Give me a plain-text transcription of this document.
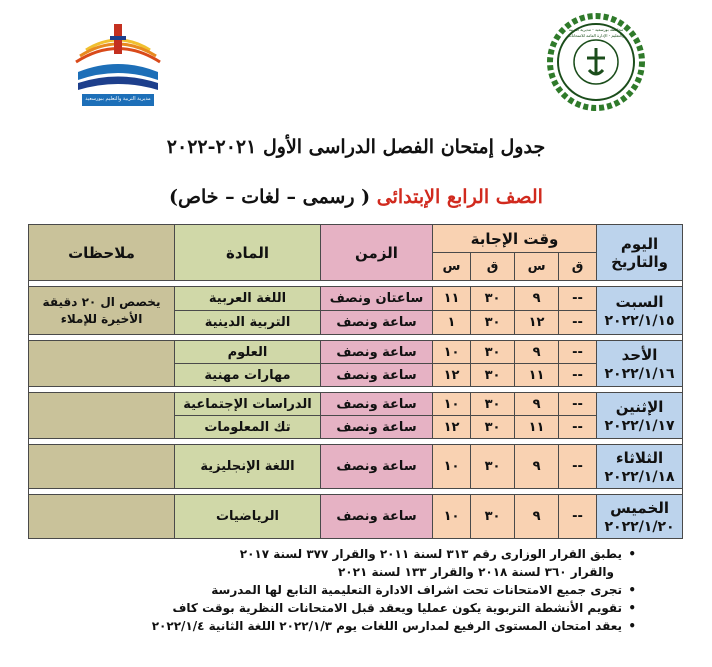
مديرية التربية والتعليم ببورسعيد
محافظة بورسعيد - مديرية التربية والتعليم - الإدارة العامة للامتحانات
جدول إمتحان الفصل الدراسى الأول ٢٠٢١-٢٠٢٢
الصف الرابع الإبتدائى ( رسمى – لغات – خاص)
اليوم والتاريخ	وقت الإجابة				الزمن	المادة	ملاحظات
	ق	س	ق	س			

السبت
٢٠٢٢/١/١٥	--	٩	٣٠	١١	ساعتان ونصف	اللغة العربية	يخصص ال ٢٠ دقيقة الأخيرة للإملاء
	--	١٢	٣٠	١	ساعة ونصف	التربية الدينية	

الأحد
٢٠٢٢/١/١٦	--	٩	٣٠	١٠	ساعة ونصف	العلوم	
	--	١١	٣٠	١٢	ساعة ونصف	مهارات مهنية	

الإثنين
٢٠٢٢/١/١٧	--	٩	٣٠	١٠	ساعة ونصف	الدراسات الإجتماعية	
	--	١١	٣٠	١٢	ساعة ونصف	تك المعلومات	

الثلاثاء
٢٠٢٢/١/١٨	--	٩	٣٠	١٠	ساعة ونصف	اللغة الإنجليزية	

الخميس
٢٠٢٢/١/٢٠	--	٩	٣٠	١٠	ساعة ونصف	الرياضيات	
• يطبق القرار الوزارى رقم ٣١٣ لسنة ٢٠١١ والقرار ٣٧٧ لسنة ٢٠١٧
والقرار ٣٦٠ لسنة ٢٠١٨ والقرار ١٣٣ لسنة ٢٠٢١
• تجرى جميع الامتحانات تحت اشراف الادارة التعليمية التابع لها المدرسة
• تقويم الأنشطة التربوية يكون عمليا ويعقد قبل الامتحانات النظرية بوقت كاف
• يعقد امتحان المستوى الرفيع لمدارس اللغات يوم ٢٠٢٢/١/٣ اللغة الثانية ٢٠٢٢/١/٤
